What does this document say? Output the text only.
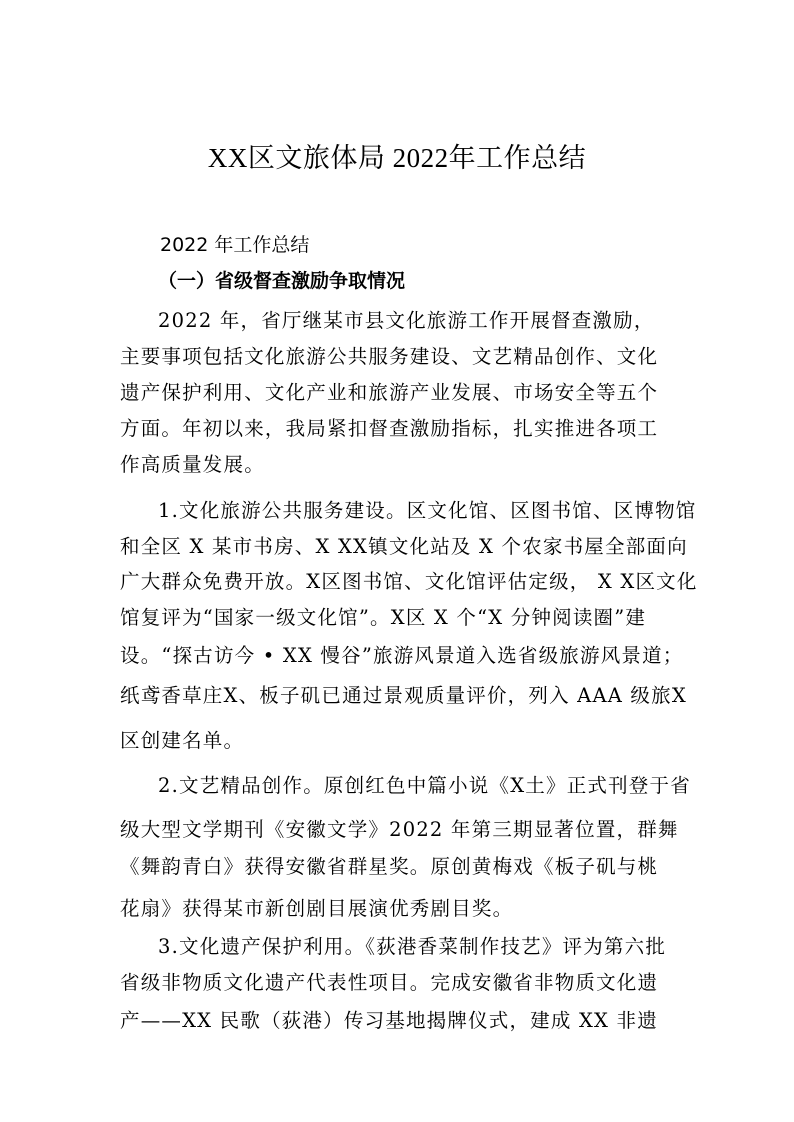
XX区文旅体局 2022年工作总结
2022 年工作总结
（一）省级督查激励争取情况
2022 年，省厅继某市县文化旅游工作开展督查激励，
主要事项包括文化旅游公共服务建设、文艺精品创作、文化
遗产保护利用、文化产业和旅游产业发展、市场安全等五个
方面。年初以来，我局紧扣督查激励指标，扎实推进各项工
作高质量发展。
1.文化旅游公共服务建设。区文化馆、区图书馆、区博物馆
和全区 X 某市书房、X XX镇文化站及 X 个农家书屋全部面向
广大群众免费开放。X区图书馆、文化馆评估定级， X X区文化
馆复评为“国家一级文化馆”。X区 X 个“X 分钟阅读圈”建
设。“探古访今 • XX 慢谷”旅游风景道入选省级旅游风景道；
纸鸢香草庄X、板子矶已通过景观质量评价，列入 AAA 级旅X
区创建名单。
2.文艺精品创作。原创红色中篇小说《X土》正式刊登于省
级大型文学期刊《安徽文学》2022 年第三期显著位置，群舞
《舞韵青白》获得安徽省群星奖。原创黄梅戏《板子矶与桃
花扇》获得某市新创剧目展演优秀剧目奖。
3.文化遗产保护利用。《荻港香菜制作技艺》评为第六批
省级非物质文化遗产代表性项目。完成安徽省非物质文化遗
产——XX 民歌（荻港）传习基地揭牌仪式，建成 XX 非遗
